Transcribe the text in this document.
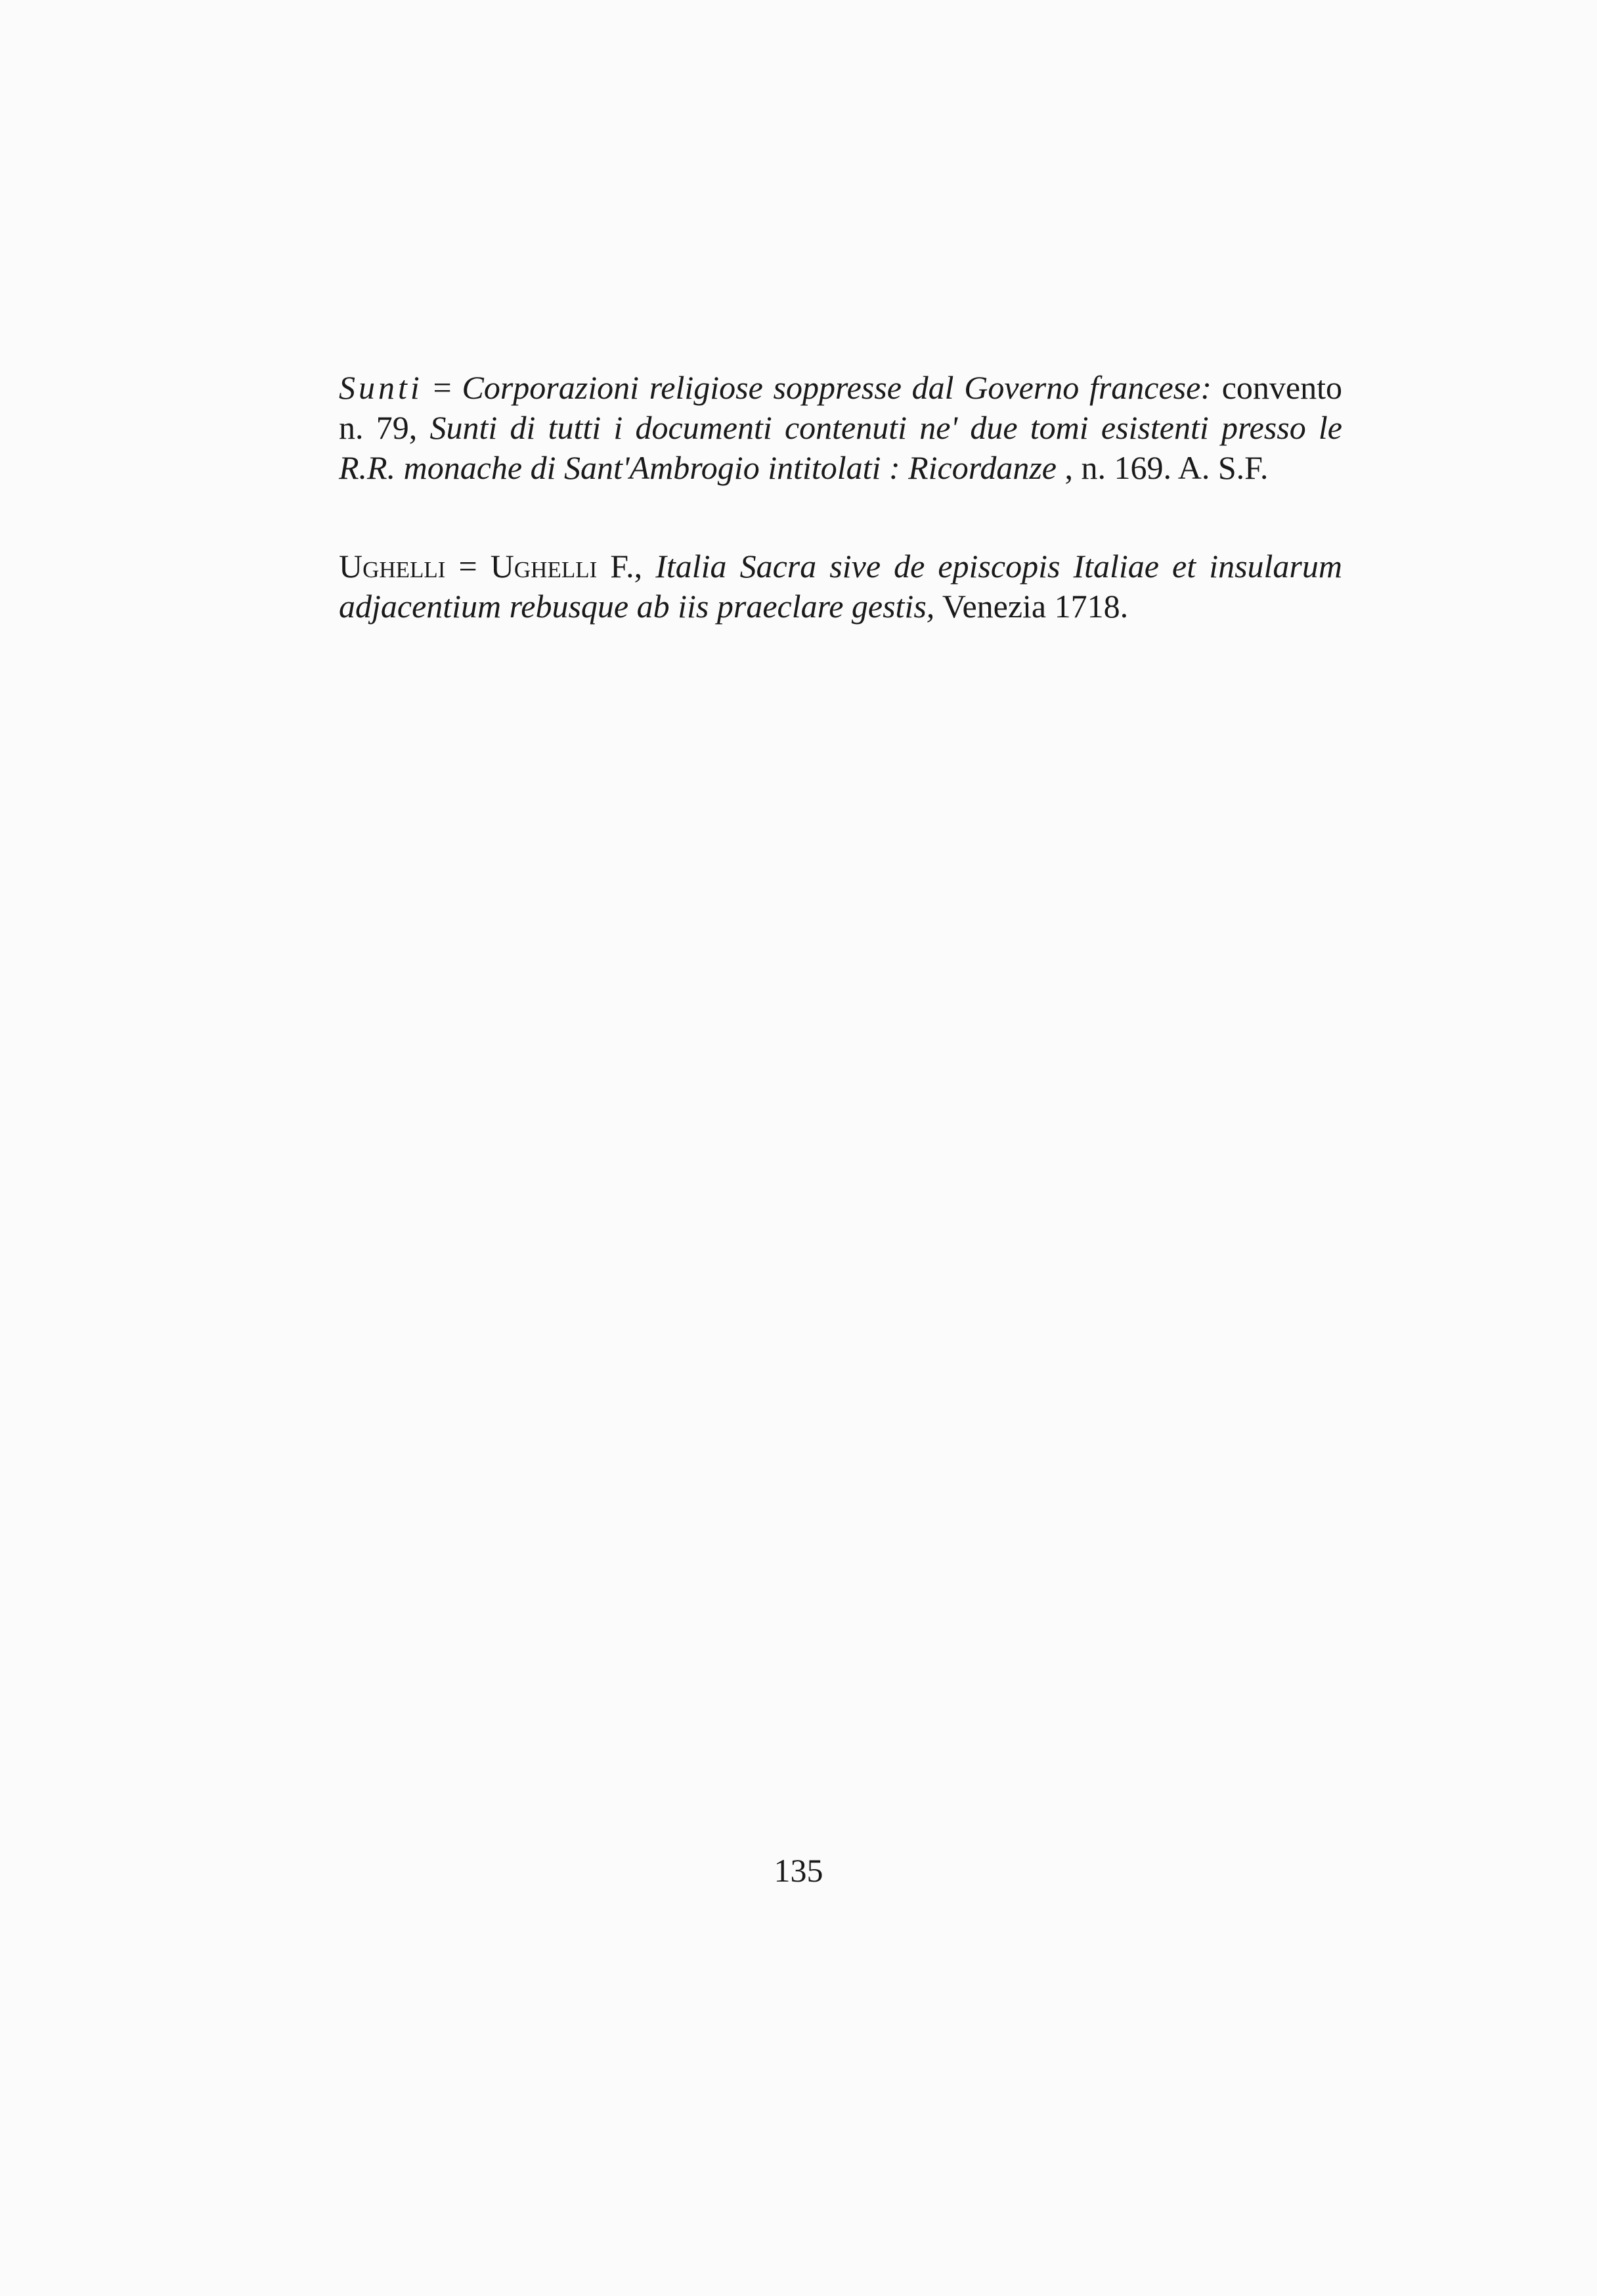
Sunti = Corporazioni religiose soppresse dal Governo francese: convento n. 79, Sunti di tutti i documenti contenuti ne' due tomi esistenti presso le R.R. monache di Sant'Ambrogio intitolati : Ricordanze , n. 169. A. S.F.

Ughelli = Ughelli F., Italia Sacra sive de episcopis Italiae et insularum adjacentium rebusque ab iis praeclare gestis, Venezia 1718.

135
